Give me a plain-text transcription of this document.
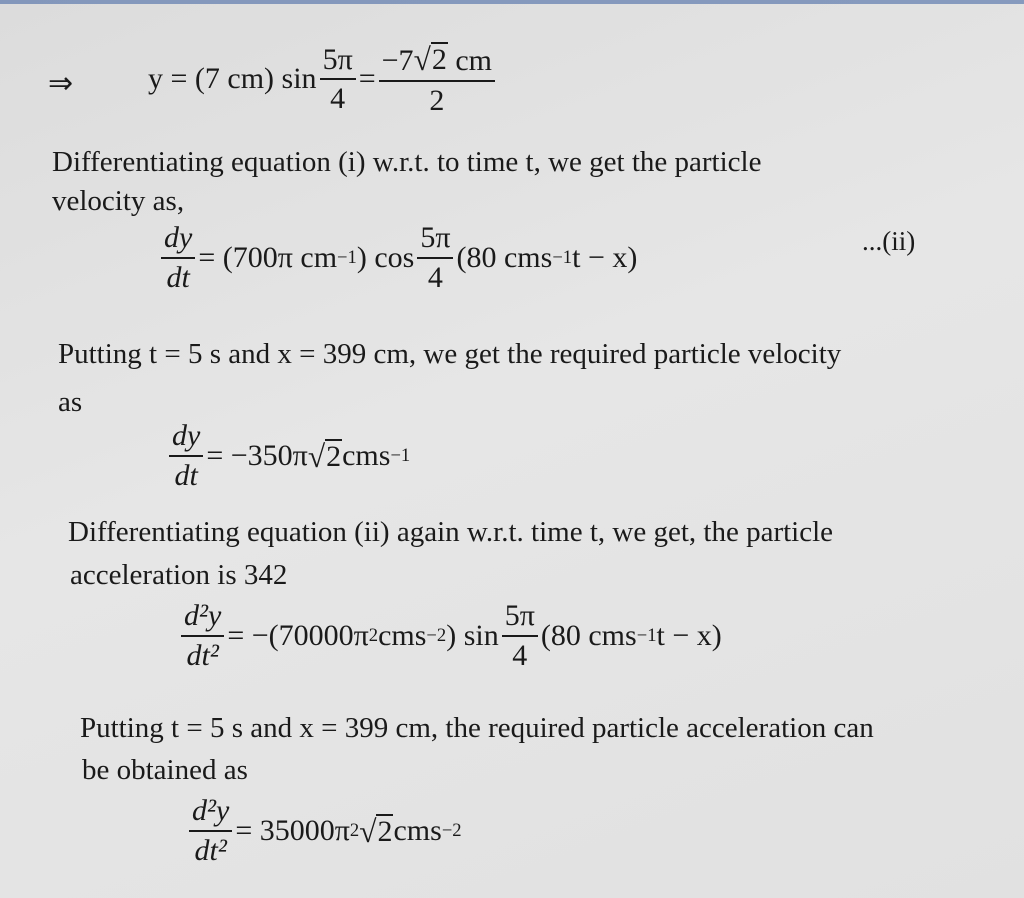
⇒ y = (7 cm) $\sin \frac{5\pi}{4} = \frac{-7 √ 2 cm}{2}$
Differentiating equation (i) w.r.t. to time t, we get the particle
velocity as,
$\frac{dy}{dt} = (700\pi$ cm −1 ) $\cos \frac{5\pi}{4} (80$ cms −1 t − x)	...(ii)
Putting t = 5 s and x = 399 cm, we get the required particle velocity
as
$\frac{dy}{dt} = -350\pi$ √ 2 cms −1
Differentiating equation (ii) again w.r.t. time t, we get, the particle
acceleration is 342
$\frac{\text{d²y}}{\text{dt²}} = -(70000\pi$ 2 cms −2 ) $\sin \frac{5\pi}{4} (80$ cms −1 t − x)
Putting t = 5 s and x = 399 cm, the required particle acceleration can
be obtained as
$\frac{\text{d²y}}{\text{dt²}} = 35000\pi$ 2 √ 2 cms −2
